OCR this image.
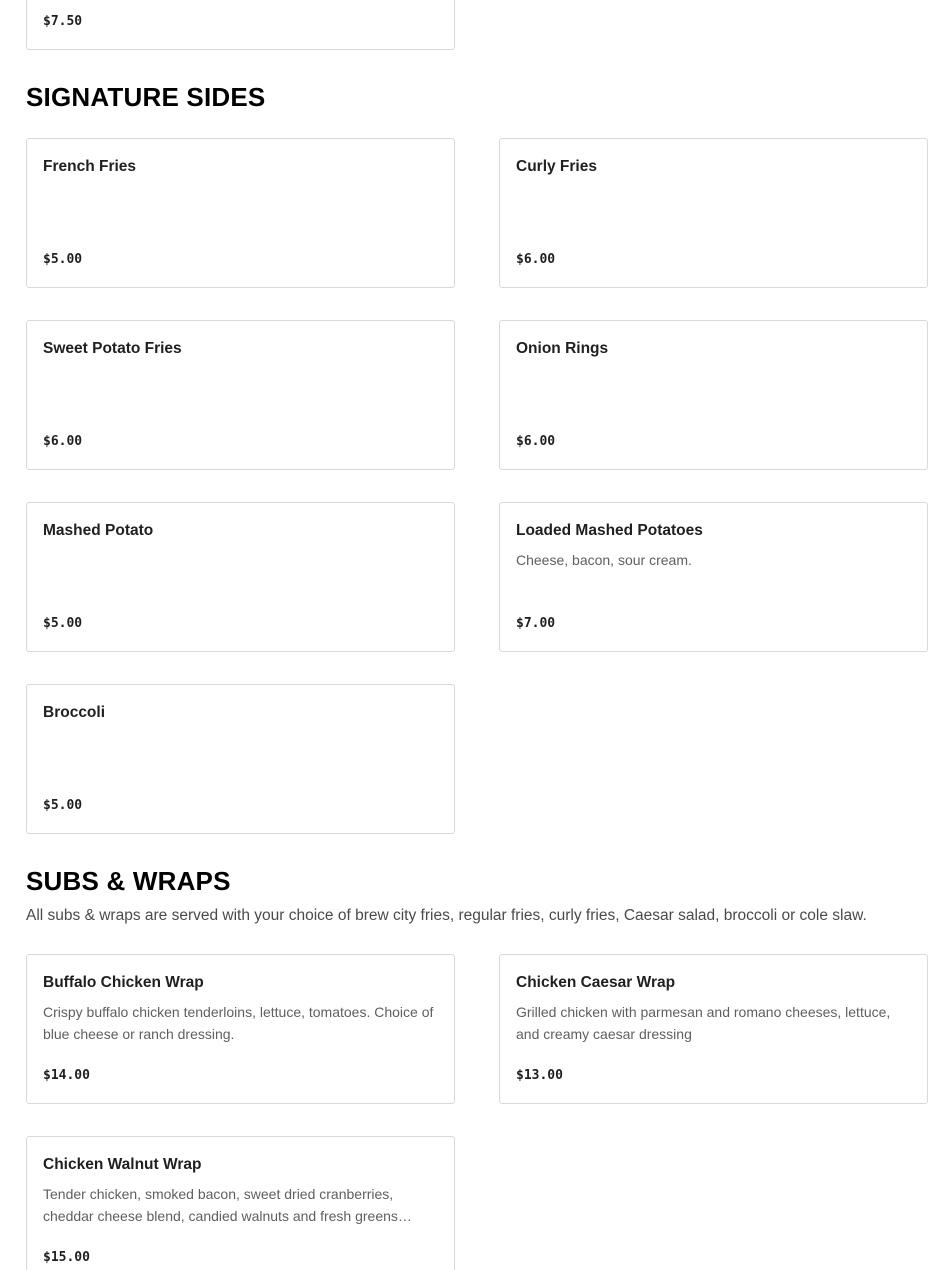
$7.50
SIGNATURE SIDES
French Fries
$5.00
Curly Fries
$6.00
Sweet Potato Fries
$6.00
Onion Rings
$6.00
Mashed Potato
$5.00
Loaded Mashed Potatoes
Cheese, bacon, sour cream.
$7.00
Broccoli
$5.00
SUBS & WRAPS

All subs & wraps are served with your choice of brew city fries, regular fries, curly fries, Caesar salad, broccoli or cole slaw.

Buffalo Chicken Wrap
Crispy buffalo chicken tenderloins, lettuce, tomatoes. Choice of blue cheese or ranch dressing.
$14.00
Chicken Caesar Wrap
Grilled chicken with parmesan and romano cheeses, lettuce, and creamy caesar dressing
$13.00
Chicken Walnut Wrap
Tender chicken, smoked bacon, sweet dried cranberries, cheddar cheese blend, candied walnuts and fresh greens…
$15.00
